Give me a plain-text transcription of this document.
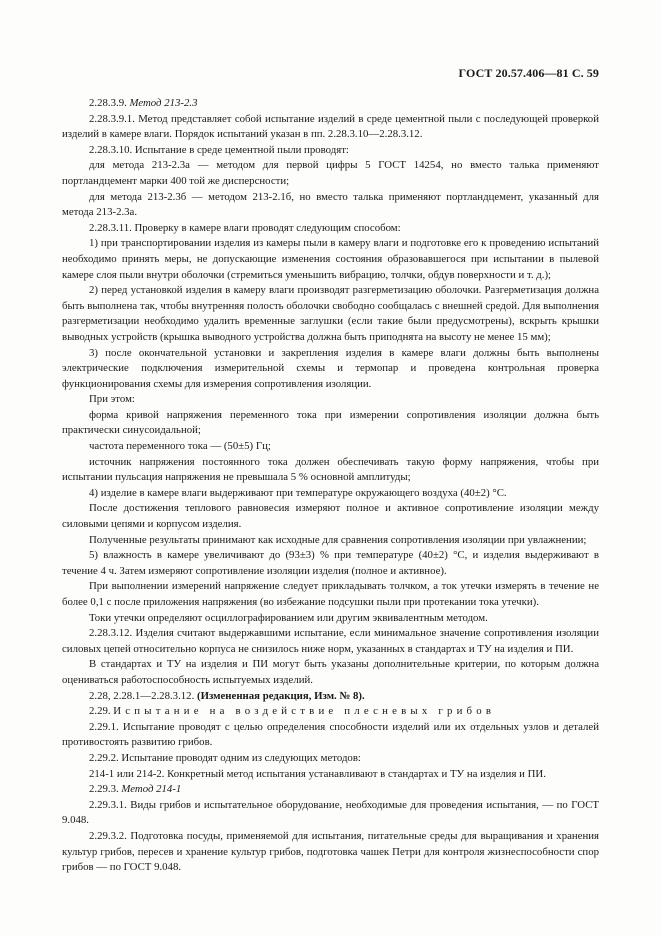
ГОСТ 20.57.406—81 С. 59

2.28.3.9. Метод 213-2.3

2.28.3.9.1. Метод представляет собой испытание изделий в среде цементной пыли с последующей проверкой изделий в камере влаги. Порядок испытаний указан в пп. 2.28.3.10—2.28.3.12.

2.28.3.10. Испытание в среде цементной пыли проводят:

для метода 213-2.3а — методом для первой цифры 5 ГОСТ 14254, но вместо талька применяют портландцемент марки 400 той же дисперсности;

для метода 213-2.3б — методом 213-2.1б, но вместо талька применяют портландцемент, указанный для метода 213-2.3а.

2.28.3.11. Проверку в камере влаги проводят следующим способом:

1) при транспортировании изделия из камеры пыли в камеру влаги и подготовке его к проведению испытаний необходимо принять меры, не допускающие изменения состояния образовавшегося при испытании в пылевой камере слоя пыли внутри оболочки (стремиться уменьшить вибрацию, толчки, обдув поверхности и т. д.);

2) перед установкой изделия в камеру влаги производят разгерметизацию оболочки. Разгерметизация должна быть выполнена так, чтобы внутренняя полость оболочки свободно сообщалась с внешней средой. Для выполнения разгерметизации необходимо удалить временные заглушки (если такие были предусмотрены), вскрыть крышки выводных устройств (крышка выводного устройства должна быть приподнята на высоту не менее 15 мм);

3) после окончательной установки и закрепления изделия в камере влаги должны быть выполнены электрические подключения измерительной схемы и термопар и проведена контрольная проверка функционирования схемы для измерения сопротивления изоляции.

При этом:

форма кривой напряжения переменного тока при измерении сопротивления изоляции должна быть практически синусоидальной;

частота переменного тока — (50±5) Гц;

источник напряжения постоянного тока должен обеспечивать такую форму напряжения, чтобы при испытании пульсация напряжения не превышала 5 % основной амплитуды;

4) изделие в камере влаги выдерживают при температуре окружающего воздуха (40±2) °С.

После достижения теплового равновесия измеряют полное и активное сопротивление изоляции между силовыми цепями и корпусом изделия.

Полученные результаты принимают как исходные для сравнения сопротивления изоляции при увлажнении;

5) влажность в камере увеличивают до (93±3) % при температуре (40±2) °С, и изделия выдерживают в течение 4 ч. Затем измеряют сопротивление изоляции изделия (полное и активное).

При выполнении измерений напряжение следует прикладывать толчком, а ток утечки измерять в течение не более 0,1 с после приложения напряжения (во избежание подсушки пыли при протекании тока утечки).

Токи утечки определяют осциллографированием или другим эквивалентным методом.

2.28.3.12. Изделия считают выдержавшими испытание, если минимальное значение сопротивления изоляции силовых цепей относительно корпуса не снизилось ниже норм, указанных в стандартах и ТУ на изделия и ПИ.

В стандартах и ТУ на изделия и ПИ могут быть указаны дополнительные критерии, по которым должна оцениваться работоспособность испытуемых изделий.

2.28, 2.28.1—2.28.3.12. (Измененная редакция, Изм. № 8).

2.29. Испытание на воздействие плесневых грибов

2.29.1. Испытание проводят с целью определения способности изделий или их отдельных узлов и деталей противостоять развитию грибов.

2.29.2. Испытание проводят одним из следующих методов:

214-1 или 214-2. Конкретный метод испытания устанавливают в стандартах и ТУ на изделия и ПИ.

2.29.3. Метод 214-1

2.29.3.1. Виды грибов и испытательное оборудование, необходимые для проведения испытания, — по ГОСТ 9.048.

2.29.3.2. Подготовка посуды, применяемой для испытания, питательные среды для выращивания и хранения культур грибов, пересев и хранение культур грибов, подготовка чашек Петри для контроля жизнеспособности спор грибов — по ГОСТ 9.048.
